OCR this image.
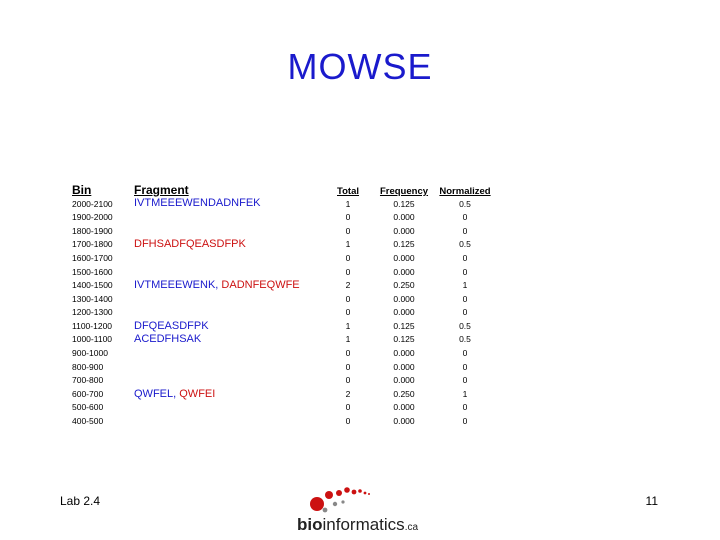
MOWSE
Bin	Fragment	Total	Frequency	Normalized
2000-2100	IVTMEEEWENDADNFEK	1	0.125	0.5
1900-2000		0	0.000	0
1800-1900		0	0.000	0
1700-1800	DFHSADFQEASDFPK	1	0.125	0.5
1600-1700		0	0.000	0
1500-1600		0	0.000	0
1400-1500	IVTMEEEWENK, DADNFEQWFE	2	0.250	1
1300-1400		0	0.000	0
1200-1300		0	0.000	0
1100-1200	DFQEASDFPK	1	0.125	0.5
1000-1100	ACEDFHSAK	1	0.125	0.5
900-1000		0	0.000	0
800-900		0	0.000	0
700-800		0	0.000	0
600-700	QWFEL, QWFEI	2	0.250	1
500-600		0	0.000	0
400-500		0	0.000	0
Lab 2.4
bioinformatics.ca
11
